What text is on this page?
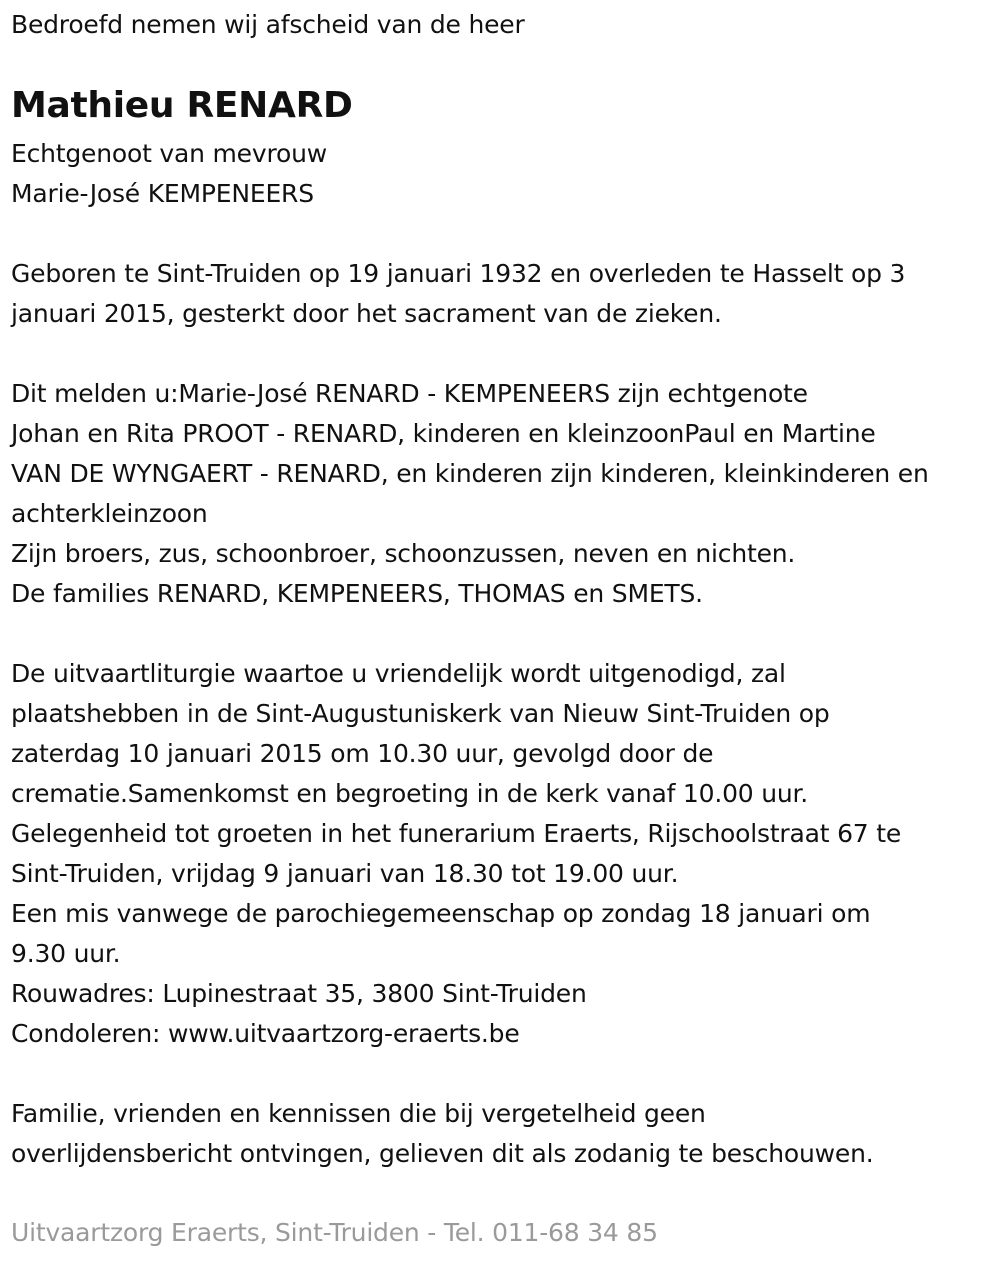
Bedroefd nemen wij afscheid van de heer
Mathieu RENARD
Echtgenoot van mevrouw
Marie-José KEMPENEERS
Geboren te Sint-Truiden op 19 januari 1932 en overleden te Hasselt op 3
januari 2015, gesterkt door het sacrament van de zieken.
Dit melden u:Marie-José RENARD - KEMPENEERS zijn echtgenote
Johan en Rita PROOT - RENARD, kinderen en kleinzoonPaul en Martine
VAN DE WYNGAERT - RENARD, en kinderen zijn kinderen, kleinkinderen en
achterkleinzoon
Zijn broers, zus, schoonbroer, schoonzussen, neven en nichten.
De families RENARD, KEMPENEERS, THOMAS en SMETS.
De uitvaartliturgie waartoe u vriendelijk wordt uitgenodigd, zal
plaatshebben in de Sint-Augustuniskerk van Nieuw Sint-Truiden op
zaterdag 10 januari 2015 om 10.30 uur, gevolgd door de
crematie.Samenkomst en begroeting in de kerk vanaf 10.00 uur.
Gelegenheid tot groeten in het funerarium Eraerts, Rijschoolstraat 67 te
Sint-Truiden, vrijdag 9 januari van 18.30 tot 19.00 uur.
Een mis vanwege de parochiegemeenschap op zondag 18 januari om
9.30 uur.
Rouwadres: Lupinestraat 35, 3800 Sint-Truiden
Condoleren: www.uitvaartzorg-eraerts.be
Familie, vrienden en kennissen die bij vergetelheid geen
overlijdensbericht ontvingen, gelieven dit als zodanig te beschouwen.
Uitvaartzorg Eraerts, Sint-Truiden - Tel. 011-68 34 85
